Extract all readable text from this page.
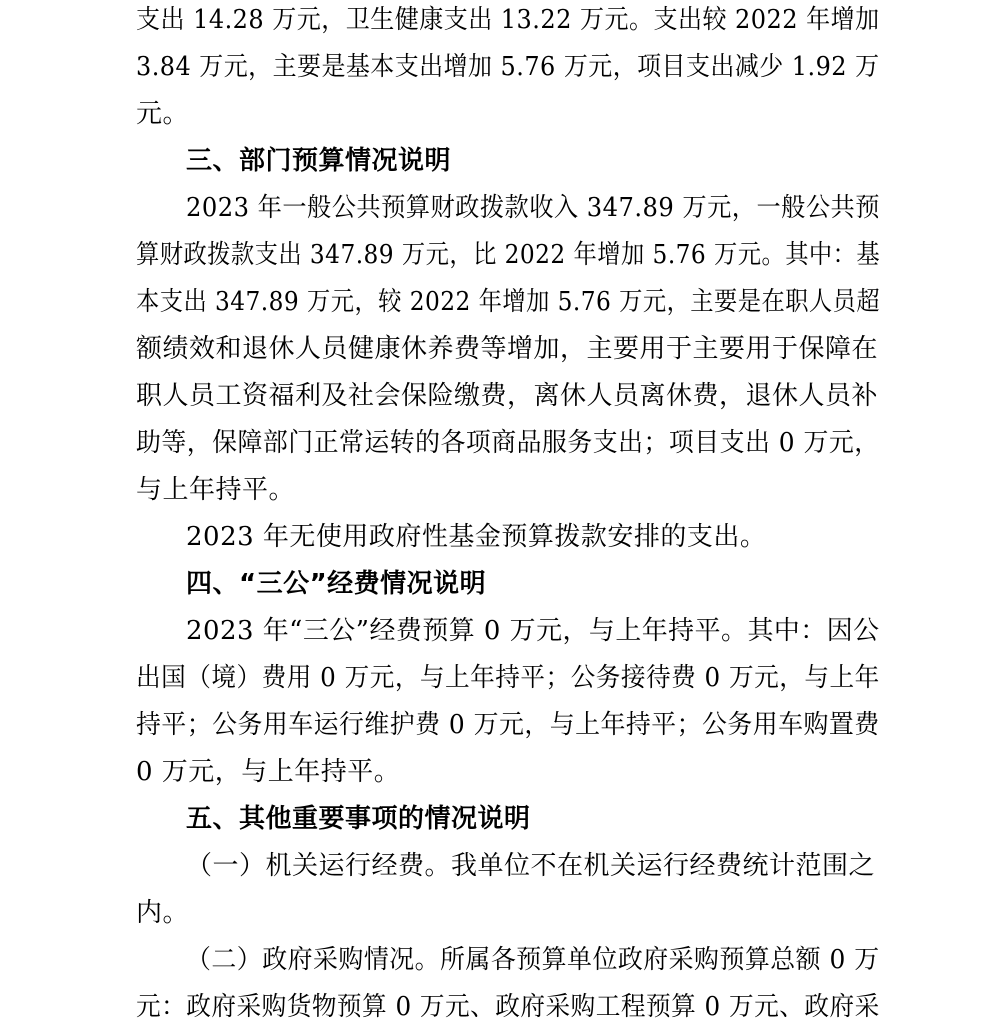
支出 14.28 万元，卫生健康支出 13.22 万元。支出较 2022 年增加
3.84 万元，主要是基本支出增加 5.76 万元，项目支出减少 1.92 万
元。
三、部门预算情况说明
2023 年一般公共预算财政拨款收入 347.89 万元，一般公共预
算财政拨款支出 347.89 万元，比 2022 年增加 5.76 万元。其中：基
本支出 347.89 万元，较 2022 年增加 5.76 万元，主要是在职人员超
额绩效和退休人员健康休养费等增加，主要用于主要用于保障在
职人员工资福利及社会保险缴费，离休人员离休费，退休人员补
助等，保障部门正常运转的各项商品服务支出；项目支出 0 万元，
与上年持平。
2023 年无使用政府性基金预算拨款安排的支出。
四、“三公”经费情况说明
2023 年“三公”经费预算 0 万元，与上年持平。其中：因公
出国（境）费用 0 万元，与上年持平；公务接待费 0 万元，与上年
持平；公务用车运行维护费 0 万元，与上年持平；公务用车购置费
0 万元，与上年持平。
五、其他重要事项的情况说明
（一）机关运行经费。我单位不在机关运行经费统计范围之
内。
（二）政府采购情况。所属各预算单位政府采购预算总额 0 万
元：政府采购货物预算 0 万元、政府采购工程预算 0 万元、政府采
